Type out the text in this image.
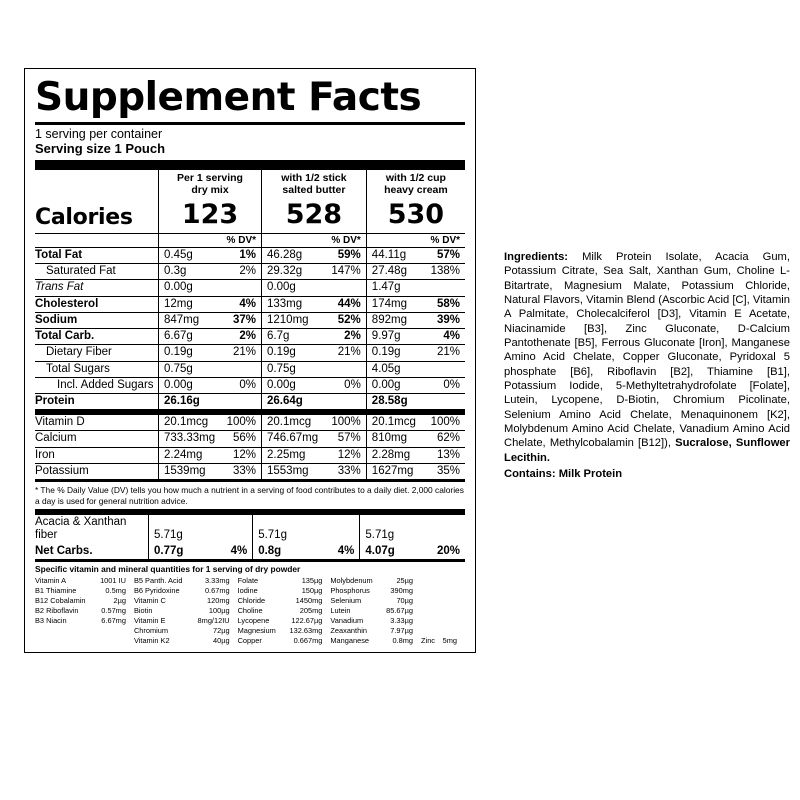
Supplement Facts
1 serving per container
Serving size 1 Pouch
	Per 1 serving
dry mix		with 1/2 stick
salted butter		with 1/2 cup
heavy cream	
Calories	123		528		530	
		% DV*		% DV*		% DV*
Total Fat	0.45g	1%	46.28g	59%	44.11g	57%
Saturated Fat	0.3g	2%	29.32g	147%	27.48g	138%
Trans Fat	0.00g		0.00g		1.47g	
Cholesterol	12mg	4%	133mg	44%	174mg	58%
Sodium	847mg	37%	1210mg	52%	892mg	39%
Total Carb.	6.67g	2%	6.7g	2%	9.97g	4%
Dietary Fiber	0.19g	21%	0.19g	21%	0.19g	21%
Total Sugars	0.75g		0.75g		4.05g	
Incl. Added Sugars	0.00g	0%	0.00g	0%	0.00g	0%
Protein	26.16g		26.64g		28.58g	
Vitamin D	20.1mcg	100%	20.1mcg	100%	20.1mcg	100%
Calcium	733.33mg	56%	746.67mg	57%	810mg	62%
Iron	2.24mg	12%	2.25mg	12%	2.28mg	13%
Potassium	1539mg	33%	1553mg	33%	1627mg	35%
* The % Daily Value (DV) tells you how much a nutrient in a serving of food contributes to a daily diet. 2,000 calories a day is used for general nutrition advice.
Acacia & Xanthan fiber	5.71g		5.71g		5.71g	
Net Carbs.	0.77g	4%	0.8g	4%	4.07g	20%
Specific vitamin and mineral quantities for 1 serving of dry powder
Vitamin A	1001 IU	B5 Panth. Acid	3.33mg	Folate	135µg	Molybdenum	25µg		
B1 Thiamine	0.5mg	B6 Pyridoxine	0.67mg	Iodine	150µg	Phosphorus	390mg		
B12 Cobalamin	2µg	Vitamin C	120mg	Chloride	1450mg	Selenium	70µg		
B2 Riboflavin	0.57mg	Biotin	100µg	Choline	205mg	Lutein	85.67µg		
B3 Niacin	6.67mg	Vitamin E	8mg/12IU	Lycopene	122.67µg	Vanadium	3.33µg		
		Chromium	72µg	Magnesium	132.63mg	Zeaxanthin	7.97µg		
		Vitamin K2	40µg	Copper	0.667mg	Manganese	0.8mg	Zinc	5mg
Ingredients: Milk Protein Isolate, Acacia Gum, Potassium Citrate, Sea Salt, Xanthan Gum, Choline L-Bitartrate, Magnesium Malate, Potassium Chloride, Natural Flavors, Vitamin Blend (Ascorbic Acid [C], Vitamin A Palmitate, Cholecalciferol [D3], Vitamin E Acetate, Niacinamide [B3], Zinc Gluconate, D-Calcium Pantothenate [B5], Ferrous Gluconate [Iron], Manganese Amino Acid Chelate, Copper Gluconate, Pyridoxal 5 phosphate [B6], Riboflavin [B2], Thiamine [B1], Potassium Iodide, 5-Methyltetrahydrofolate [Folate], Lutein, Lycopene, D-Biotin, Chromium Picolinate, Selenium Amino Acid Chelate, Menaquinonem [K2], Molybdenum Amino Acid Chelate, Vanadium Amino Acid Chelate, Methylcobalamin [B12]), Sucralose, Sunflower Lecithin.
Contains: Milk Protein
